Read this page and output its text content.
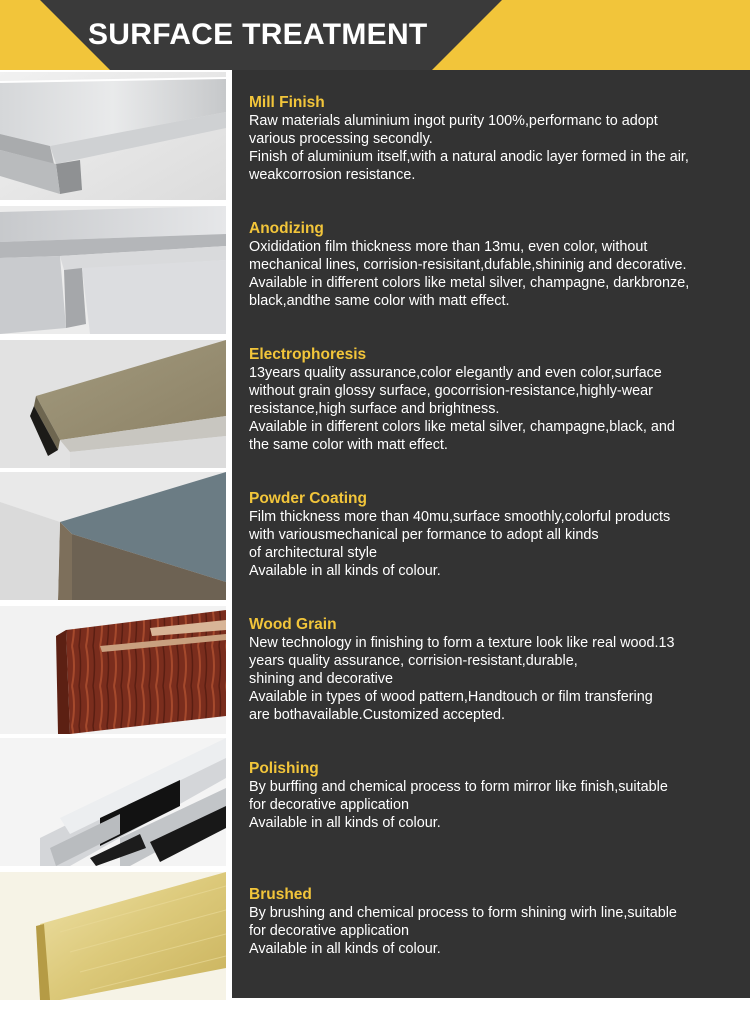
SURFACE TREATMENT
Mill Finish
Raw materials aluminium ingot purity 100%,performanc to adopt
various processing secondly.
Finish of aluminium itself,with a natural anodic layer formed in the air,
weakcorrosion resistance.
Anodizing
Oxididation film thickness more than 13mu, even color, without
mechanical lines, corrision-resisitant,dufable,shininig and decorative.
Available in different colors like metal silver, champagne, darkbronze,
black,andthe same color with matt effect.
Electrophoresis
13years quality assurance,color elegantly and even color,surface
without grain glossy surface, gocorrision-resistance,highly-wear
resistance,high surface and brightness.
Available in different colors like metal silver, champagne,black, and
the same color with matt effect.
Powder Coating
Film thickness more than 40mu,surface smoothly,colorful products
with variousmechanical per formance to adopt all kinds
of architectural style
Available in all kinds of colour.
Wood Grain
New technology in finishing to form a texture look like real wood.13
years quality assurance, corrision-resistant,durable,
shining and decorative
Available in types of wood pattern,Handtouch or film transfering
are bothavailable.Customized accepted.
Polishing
By burffing and chemical process to form mirror like finish,suitable
for decorative application
Available in all kinds of colour.
Brushed
By brushing and chemical process to form shining wirh line,suitable
for decorative application
Available in all kinds of colour.
